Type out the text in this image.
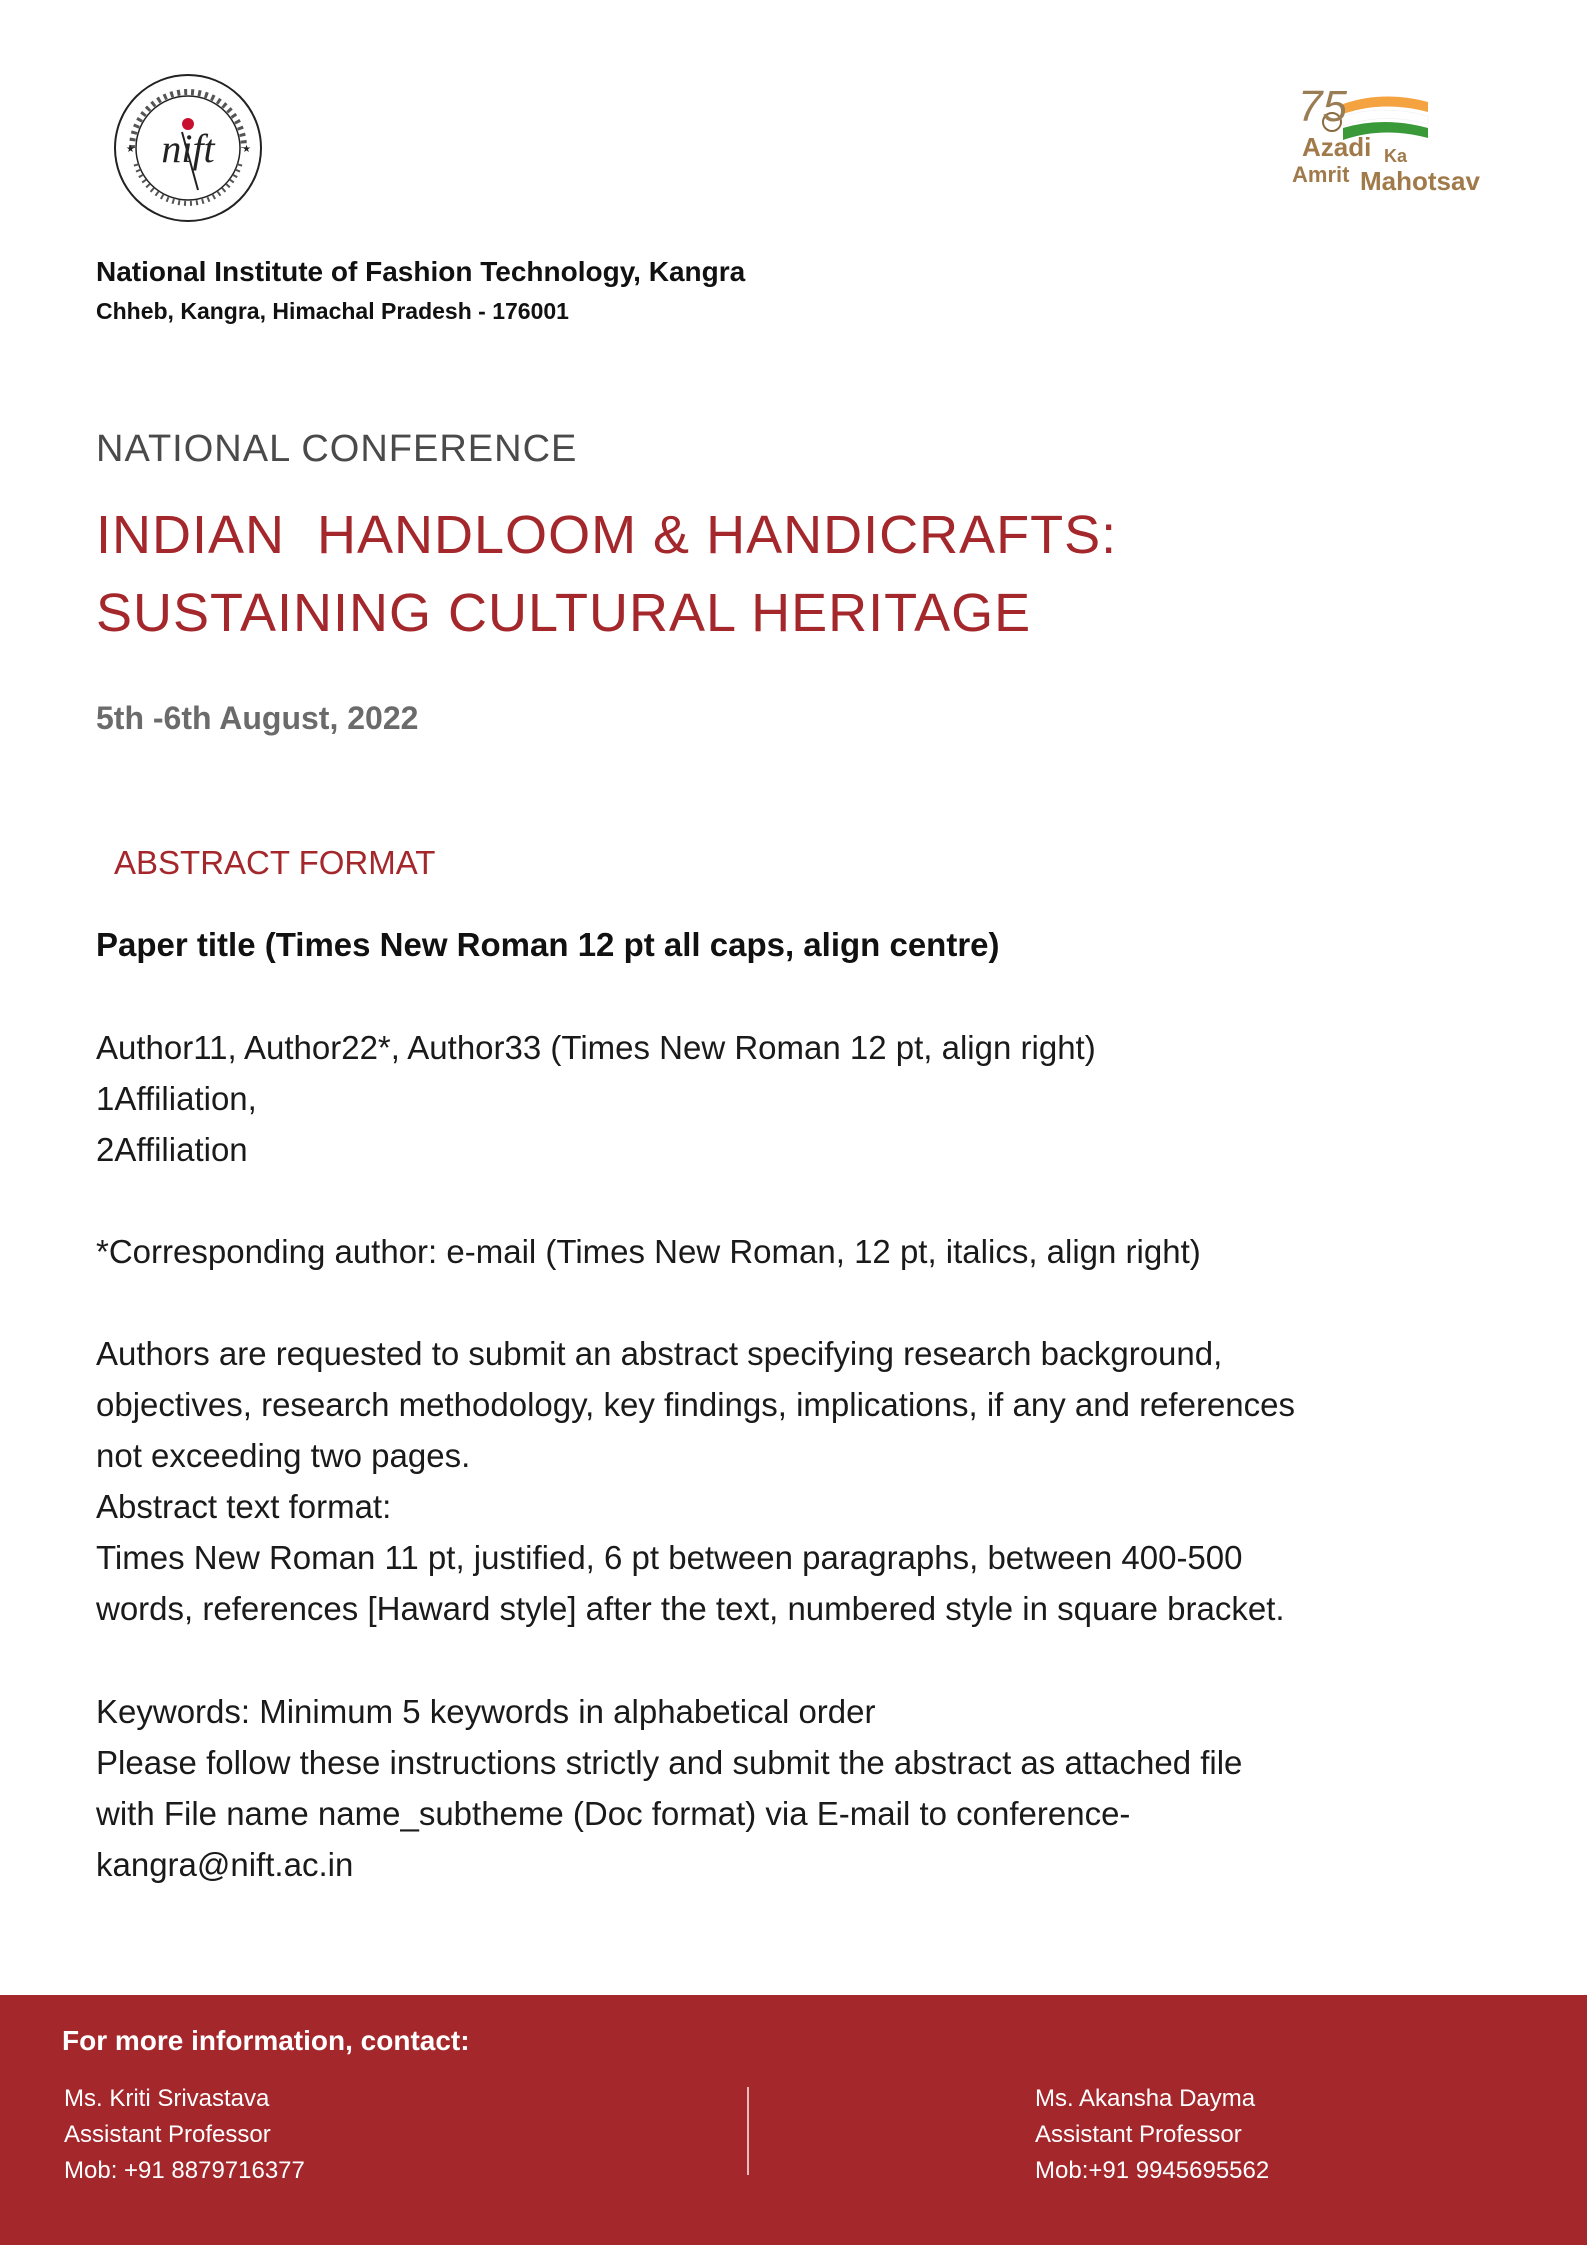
nift
★	★
75
Azadi Ka
Amrit Mahotsav
National Institute of Fashion Technology, Kangra
Chheb, Kangra, Himachal Pradesh - 176001
NATIONAL CONFERENCE
INDIAN  HANDLOOM & HANDICRAFTS:
SUSTAINING CULTURAL HERITAGE
5th -6th August, 2022
ABSTRACT FORMAT
Paper title (Times New Roman 12 pt all caps, align centre)
Author11, Author22*, Author33 (Times New Roman 12 pt, align right)
1Affiliation,
2Affiliation
*Corresponding author: e-mail (Times New Roman, 12 pt, italics, align right)
Authors are requested to submit an abstract specifying research background,
objectives, research methodology, key findings, implications, if any and references
not exceeding two pages.
Abstract text format:
Times New Roman 11 pt, justified, 6 pt between paragraphs, between 400-500
words, references [Haward style] after the text, numbered style in square bracket.
Keywords: Minimum 5 keywords in alphabetical order
Please follow these instructions strictly and submit the abstract as attached file
with File name name_subtheme (Doc format) via E-mail to conference-
kangra@nift.ac.in
For more information, contact:
Ms. Kriti Srivastava
Assistant Professor
Mob: +91 8879716377
Ms. Akansha Dayma
Assistant Professor
Mob:+91 9945695562
